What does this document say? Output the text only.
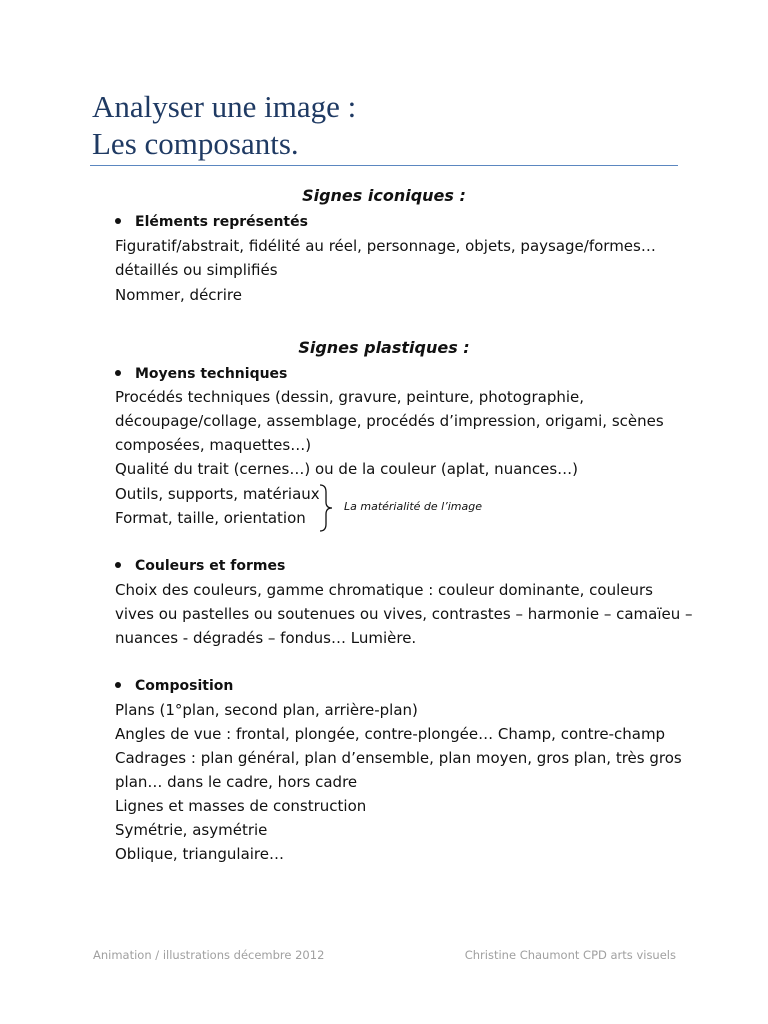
Analyser une image :
Les composants.
Signes iconiques :
Eléments représentés
Figuratif/abstrait, fidélité au réel, personnage, objets, paysage/formes…
détaillés ou simplifiés
Nommer, décrire
Signes plastiques :
Moyens techniques
Procédés techniques (dessin, gravure, peinture, photographie,
découpage/collage, assemblage, procédés d’impression, origami, scènes
composées, maquettes…)
Qualité du trait (cernes…) ou de la couleur (aplat, nuances…)
Outils, supports, matériaux
Format, taille, orientation
La matérialité de l’image
Couleurs et formes
Choix des couleurs, gamme chromatique : couleur dominante, couleurs
vives ou pastelles ou soutenues ou vives, contrastes – harmonie – camaïeu –
nuances - dégradés – fondus… Lumière.
Composition
Plans (1°plan, second plan, arrière-plan)
Angles de vue : frontal, plongée, contre-plongée… Champ, contre-champ
Cadrages : plan général, plan d’ensemble, plan moyen, gros plan, très gros
plan… dans le cadre, hors cadre
Lignes et masses de construction
Symétrie, asymétrie
Oblique, triangulaire…
Animation / illustrations décembre 2012	Christine Chaumont CPD arts visuels
